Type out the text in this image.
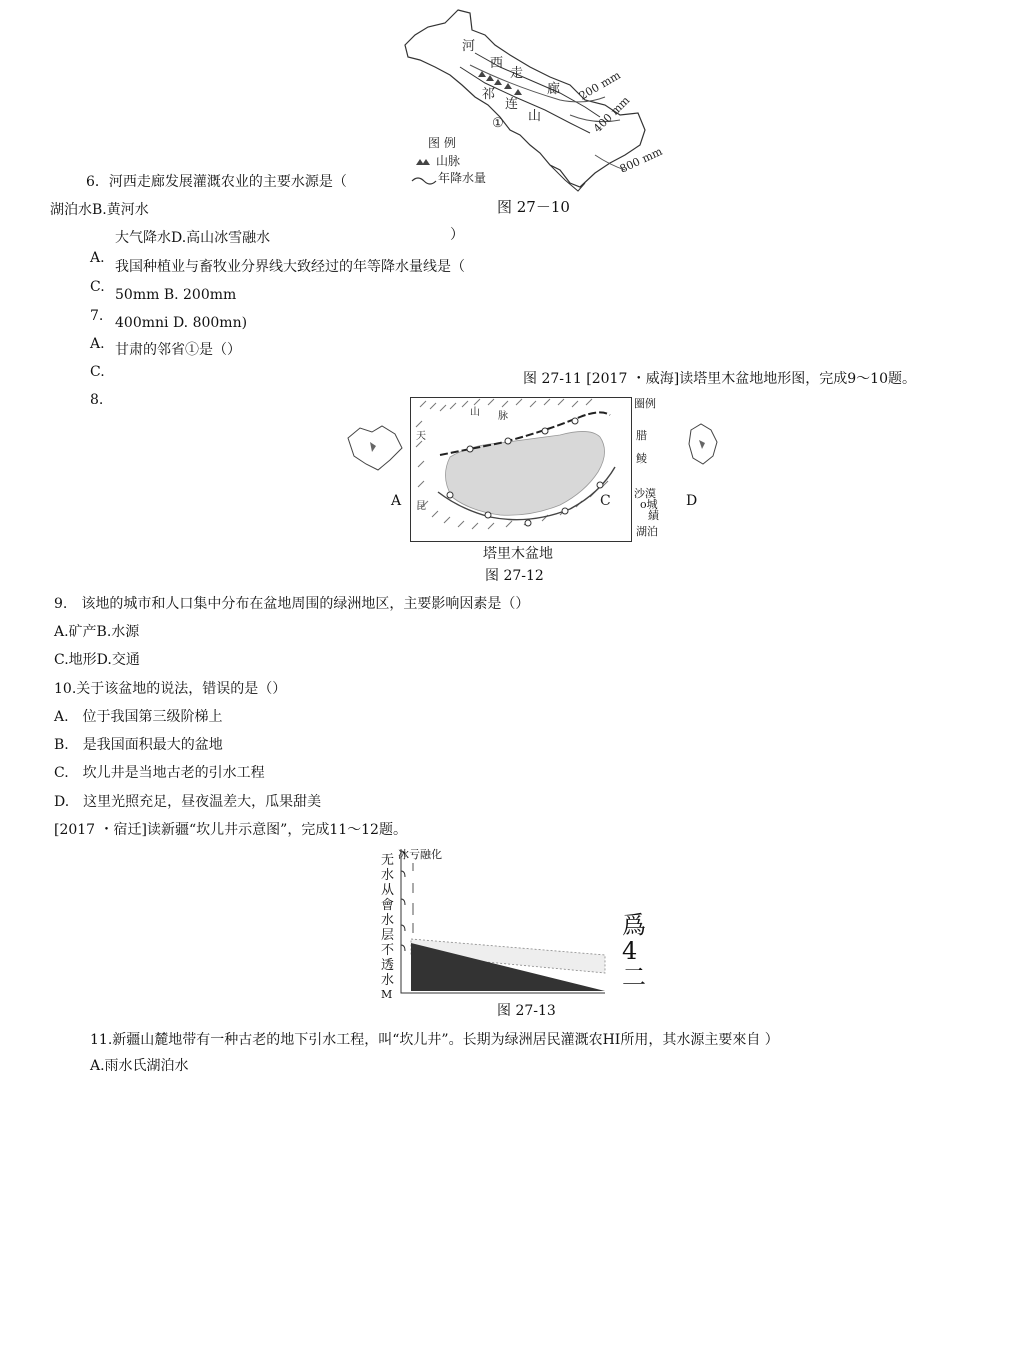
河
西
走
廊
祁
连
山
①
200 mm
400 mm
800 mm
图 例
山脉
年降水量
图 27－10
6．河西走廊发展灌溉农业的主要水源是（
湖泊水B.黄河水
大气降水D.高山冰雪融水	）
A.
C.
7.
A.
C.
8.
我国种植业与畜牧业分界线大致经过的年等降水量线是（
50mm B. 200mm
400mni D. 800mn)
甘肃的邻省①是（）
图 27-11 [2017 ・威海]读塔里木盆地地形图，完成9～10题。
A
山 脉
天
昆	C
圈例
腊
鲮
沙漠
o城
績
湖泊
D
塔里木盆地
图 27-12
9.　该地的城市和人口集中分布在盆地周围的绿洲地区，主要影响因素是（）
A.矿产B.水源
C.地形D.交通
10.关于该盆地的说法，错误的是（）
A.　位于我国第三级阶梯上
B.　是我国面积最大的盆地
C.　坎儿井是当地古老的引水工程
D.　这里光照充足，昼夜温差大，瓜果甜美
[2017 ・宿迁]读新疆“坎儿井示意图”，完成11～12题。
冰亏融化
无水从會水层不透水
M
爲4二
图 27-13
11.新疆山麓地带有一种古老的地下引水工程，叫“坎儿井”。长期为绿洲居民灌溉农HI所用，其水源主要來自 ）
A.雨水氏湖泊水
